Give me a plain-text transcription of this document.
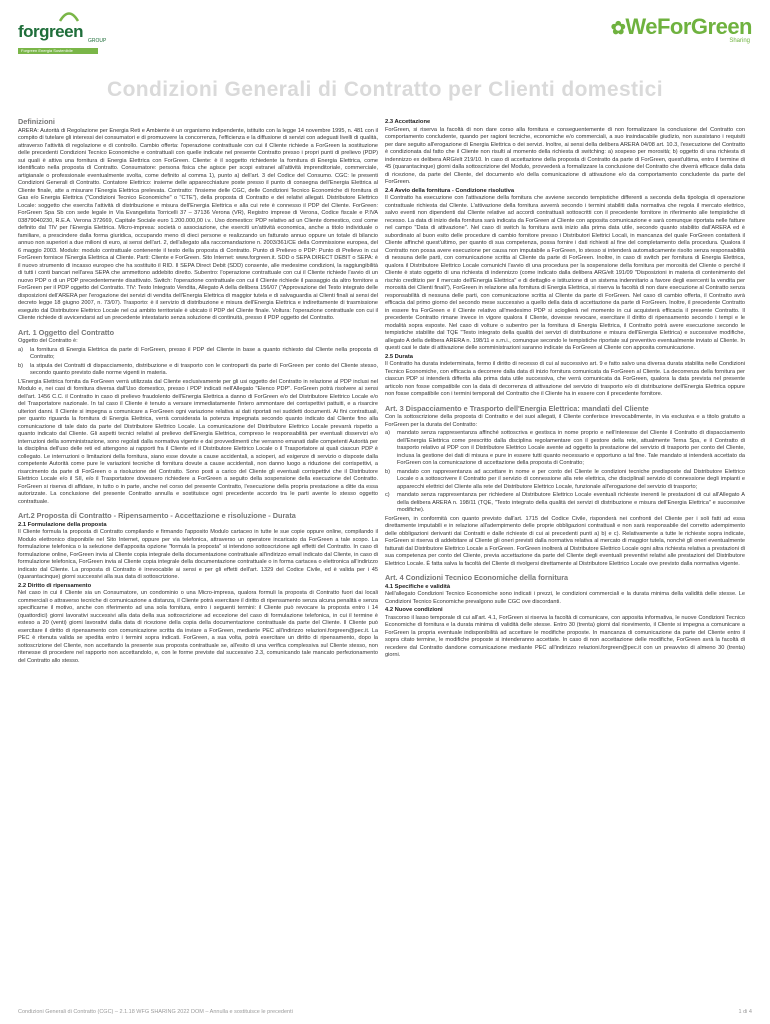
forgreen GROUP
Forgreen Energia Sostenibile
✿WeForGreen
Sharing
Condizioni Generali di Contratto per Clienti domestici
Definizioni
ARERA: Autorità di Regolazione per Energia Reti e Ambiente è un organismo indipendente, istituito con la legge 14 novembre 1995, n. 481 con il compito di tutelare gli interessi dei consumatori e di promuovere la concorrenza, l'efficienza e la diffusione di servizi con adeguati livelli di qualità, attraverso l'attività di regolazione e di controllo. Cambio offerta: l'operazione contrattuale con cui il Cliente richiede a ForGreen la sostituzione delle precedenti Condizioni Tecnico Economiche e contrattuali con quelle indicate nel presente Contratto presso i propri punti di prelievo (PDP) sui quali è attiva una fornitura di Energia Elettrica con ForGreen. Cliente: è il soggetto richiedente la fornitura di Energia Elettrica, come identificato nella proposta di Contratto. Consumatore: persona fisica che agisce per scopi estranei all'attività imprenditoriale, commerciale, artigianale o professionale eventualmente svolta, come definito al comma 1), punto a) dell'art. 3 del Codice del Consumo. CGC: le presenti Condizioni Generali di Contratto. Contatore Elettrico: insieme delle apparecchiature poste presso il punto di consegna dell'Energia Elettrica al Cliente finale, atte a misurare l'Energia Elettrica prelevata. Contratto: l'insieme delle CGC, delle Condizioni Tecnico Economiche di fornitura di Gas e/o Energia Elettrica ("Condizioni Tecnico Economiche" o "CTE"), della proposta di Contratto e dei relativi allegati. Distributore Elettrico Locale: soggetto che esercita l'attività di distribuzione e misura dell'Energia Elettrica e alla cui rete è connesso il PDP del Cliente. ForGreen: ForGreen Spa Sb con sede legale in Via Evangelista Torricelli 37 – 37136 Verona (VR), Registro imprese di Verona, Codice fiscale e P.IVA 03879040230, R.E.A. Verona 372669, Capitale Sociale euro 1.200.000,00 i.v.. Uso domestico: PDP relativo ad un Cliente domestico, così come definito dal TIV per l'Energia Elettrica. Micro-impresa: società o associazione, che eserciti un'attività economica, anche a titolo individuale o familiare, a prescindere dalla forma giuridica, occupando meno di dieci persone e realizzando un fatturato annuo oppure un totale di bilancio annuo non superiori a due milioni di euro, ai sensi dell'art. 2, dell'allegato alla raccomandazione n. 2003/361/CE della Commissione europea, del 6 maggio 2003. Modulo: modulo contrattuale contenente il testo della proposta di Contratto. Punto di Prelievo o PDP: Punto di Prelievo in cui ForGreen fornisce l'Energia Elettrica al Cliente. Parti: Cliente e ForGreen. Sito Internet: www.forgreen.it. SDD o SEPA DIRECT DEBIT o SEPA: è il nuovo strumento di incasso europeo che ha sostituito il RID. Il SEPA Direct Debit (SDD) consente, alle medesime condizioni, la raggiungibilità di tutti i conti bancari nell'area SEPA che ammettono addebito diretto. Subentro: l'operazione contrattuale con cui il Cliente richiede l'avvio di un nuovo PDP o di un PDP precedentemente disattivato. Switch: l'operazione contrattuale con cui il Cliente richiede il passaggio da altro fornitore a ForGreen per il PDP oggetto del Contratto. TIV: Testo Integrato Vendita, Allegato A della delibera 156/07 ("Approvazione del Testo integrato delle disposizioni dell'ARERA per l'erogazione dei servizi di vendita dell'Energia Elettrica di maggior tutela e di salvaguardia ai Clienti finali ai sensi del decreto legge 18 giugno 2007, n. 73/07). Trasporto: è il servizio di distribuzione e misura dell'Energia Elettrica e indirettamente di trasmissione eseguito dal Distributore Elettrico Locale nel cui ambito territoriale è ubicato il PDP del Cliente finale. Voltura: l'operazione contrattuale con cui il Cliente richiede di avvicendarsi ad un precedente intestatario senza soluzione di continuità, presso il PDP oggetto del Contratto.
Art. 1 Oggetto del Contratto
Oggetto del Contratto è:
a) la fornitura di Energia Elettrica da parte di ForGreen, presso il PDP del Cliente in base a quanto richiesto dal Cliente nella proposta di Contratto;
b) la stipula dei Contratti di dispacciamento, distribuzione e di trasporto con le controparti da parte di ForGreen per conto del Cliente stesso, secondo quanto previsto dalle norme vigenti in materia.
L'Energia Elettrica fornita da ForGreen verrà utilizzata dal Cliente esclusivamente per gli usi oggetto del Contratto in relazione al PDP inclusi nel Modulo e, nei casi di fornitura diversa dall'Uso domestico, presso i PDP indicati nell'Allegato "Elenco PDP". ForGreen potrà risolvere ai sensi dell'art. 1456 C.C. il Contratto in caso di prelievo fraudolento dell'Energia Elettrica a danno di ForGreen e/o del Distributore Elettrico Locale e/o del Trasportatore nazionale. In tal caso il Cliente è tenuto a versare immediatamente l'intero ammontare dei corrispettivi pattuiti, e a risarcire ulteriori danni. Il Cliente si impegna a comunicare a ForGreen ogni variazione relativa ai dati riportati nei suddetti documenti. Ai fini contrattuali, per quanto riguarda la fornitura di Energia Elettrica, verrà considerata la potenza impegnata secondo quanto indicato dal Cliente fino alla comunicazione di tale dato da parte del Distributore Elettrico Locale. La comunicazione del Distributore Elettrico Locale prevarrà rispetto a quanto indicato dal Cliente. Gli aspetti tecnici relativi al prelievo dell'Energia Elettrica, compreso le responsabilità per eventuali disservizi e/o interruzioni della somministrazione, sono regolati dalla normativa vigente e dai provvedimenti che verranno emanati dalle competenti Autorità per la disciplina dell'uso delle reti ed attengono ai rapporti fra il Cliente ed il Distributore Elettrico Locale o il Trasportatore ai quali ciascun PDP è collegato. Le interruzioni o limitazioni della fornitura, siano esse dovute a cause accidentali, a scioperi, ad esigenze di servizio o disposte dalla competente Autorità come pure le variazioni tecniche di fornitura dovute a cause accidentali, non danno luogo a riduzione dei corrispettivi, a risarcimento da parte di ForGreen o a risoluzione del Contratto. Sono posti a carico del Cliente gli eventuali corrispettivi che il Distributore Elettrico Locale e/o il SII, e/o il Trasportatore dovessero richiedere a ForGreen a seguito della sospensione della esecuzione del Contratto. ForGreen si riserva di affidare, in tutto o in parte, anche nel corso del presente Contratto, l'esecuzione della propria prestazione a ditte da essa autorizzate. La conclusione del presente Contratto annulla e sostituisce ogni precedente accordo tra le parti avente lo stesso oggetto contrattuale.
Art.2 Proposta di Contratto - Ripensamento - Accettazione e risoluzione - Durata
2.1 Formulazione della proposta
Il Cliente formula la proposta di Contratto compilando e firmando l'apposito Modulo cartaceo in tutte le sue copie oppure online, compilando il Modulo elettronico disponibile nel Sito Internet, oppure per via telefonica, attraverso un operatore incaricato da ForGreen a tale scopo. La formulazione telefonica o la selezione dell'apposita opzione "formula la proposta" si intendono sottoscrizione agli effetti del Contratto. In caso di formulazione online, ForGreen invia al Cliente copia integrale della documentazione contrattuale all'indirizzo email indicato dal Cliente, in caso di formulazione telefonica, ForGreen invia al Cliente copia integrale della documentazione contrattuale o in forma cartacea o elettronica all'indirizzo indicato dal Cliente. La proposta di Contratto è irrevocabile ai sensi e per gli effetti dell'art. 1329 del Codice Civile, ed è valida per i 45 (quarantacinque) giorni successivi alla sua data di sottoscrizione.
2.2 Diritto di ripensamento
Nel caso in cui il Cliente sia un Consumatore, un condominio o una Micro-impresa, qualora formuli la proposta di Contratto fuori dai locali commerciali o attraverso tecniche di comunicazione a distanza, il Cliente potrà esercitare il diritto di ripensamento senza alcuna penalità e senza specificarne il motivo, anche con riferimento ad una sola fornitura, entro i seguenti termini: il Cliente può revocare la proposta entro i 14 (quattordici) giorni lavorativi successivi alla data della sua sottoscrizione ad eccezione del caso di formulazione telefonica, in cui il termine è esteso a 20 (venti) giorni lavorativi dalla data di ricezione della copia della documentazione contrattuale da parte del Cliente. Il Cliente può esercitare il diritto di ripensamento con comunicazione scritta da inviare a ForGreen, mediante PEC all'indirizzo relazioni.forgreen@pec.it. La PEC è ritenuta valida se spedita entro i termini sopra indicati. ForGreen, a sua volta, potrà esercitare un diritto di ripensamento, dopo la sottoscrizione del Cliente, non accettando la presente sua proposta contrattuale se, all'esito di una verifica complessiva sul Cliente stesso, non ritenesse di procedere nel rapporto non accettandolo, e, con le forme previste dal successivo 2.3, comunicando tale mancato perfezionamento del Contratto allo stesso.
2.3 Accettazione
ForGreen, si riserva la facoltà di non dare corso alla fornitura e conseguentemente di non formalizzare la conclusione del Contratto con comportamento concludente, quando per ragioni tecniche, economiche e/o commerciali, a suo insindacabile giudizio, non sussistano i requisiti per dare seguito all'erogazione di Energia Elettrica o dei servizi. Inoltre, ai sensi della delibera ARERA 04/08 art. 10.3, l'esecuzione del Contratto è condizionata dal fatto che il Cliente non risulti al momento della richiesta di switching: a) sospeso per morosità; b) oggetto di una richiesta di indennizzo ex delibera ARG/elt 219/10. In caso di accettazione della proposta di Contratto da parte di ForGreen, quest'ultima, entro il termine di 45 (quarantacinque) giorni dalla sottoscrizione del Modulo, provvederà a formalizzare la conclusione del Contratto che diverrà efficace dalla data di ricezione, da parte del Cliente, del documento e/o della comunicazione di attivazione e/o da comportamento concludente da parte del ForGreen.
2.4 Avvio della fornitura - Condizione risolutiva
Il Contratto ha esecuzione con l'attivazione della fornitura che avviene secondo tempistiche differenti a seconda della tipologia di operazione contrattuale richiesta dal Cliente. L'attivazione della fornitura avverrà secondo i termini stabiliti dalla normativa che regola il mercato elettrico, salvo eventi non dipendenti dal Cliente relative ad accordi contrattuali sottoscritti con il precedente fornitore in riferimento alle tempistiche di recesso. La data di inizio della fornitura sarà indicata da ForGreen al Cliente con apposita comunicazione e sarà comunque riportata nelle fatture nel campo "Data di attivazione". Nel caso di switch la fornitura avrà inizio alla prima data utile, secondo quanto stabilito dall'ARERA ed è subordinato al buon esito delle procedure di cambio fornitore presso i Distributori Elettrici Locali, in mancanza del quale ForGreen contatterà il Cliente affinché quest'ultimo, per quanto di sua competenza, possa fornire i dati richiesti al fine del completamento della procedura. Qualora il Contratto non possa avere esecuzione per causa non imputabile a ForGreen, lo stesso si intenderà automaticamente risolto senza responsabilità di nessuna delle parti, con comunicazione scritta al Cliente da parte di ForGreen. Inoltre, in caso di switch per fornitura di Energia Elettrica, qualora il Distributore Elettrico Locale comunichi l'avvio di una procedura per la sospensione della fornitura per morosità del Cliente o perché il Cliente è stato oggetto di una richiesta di indennizzo (come indicato dalla delibera ARG/elt 191/09 "Disposizioni in materia di contenimento del rischio creditizio per il mercato dell'Energia Elettrica" e di dettaglio e istituzione di un sistema indennitario a favore degli esercenti la vendita per morosità dei Clienti finali"), ForGreen in relazione alla fornitura di Energia Elettrica, si riserva la facoltà di non dare esecuzione al Contratto senza responsabilità di nessuna delle parti, con comunicazione scritta al Cliente da parte di ForGreen. Nel caso di cambio offerta, il Contratto avrà efficacia dal primo giorno del secondo mese successivo a quello della data di accettazione da parte di ForGreen. Inoltre, il precedente Contratto in essere fra ForGreen e il Cliente relativo all'medesimo PDP si scioglierà nel momento in cui acquisterà efficacia il presente Contratto. Il precedente Contratto rimane invece in vigore qualora il Cliente, dovesse revocare, esercitare il diritto di ripensamento secondo i tempi e le modalità sopra esposte. Nel caso di volture o subentro per la fornitura di Energia Elettrica, il Contratto potrà avere esecuzione secondo le tempistiche stabilite dal TQE "Testo integrato della qualità dei servizi di distribuzione e misura dell'Energia Elettrica) e successive modifiche, allegato A della delibera ARERA n. 198/11 e s.m.i., comunque secondo le tempistiche riportate sul preventivo eventualmente inviato al Cliente. In questi casi le date di attivazione delle somministrazioni saranno indicate da ForGreen al Cliente con apposita comunicazione.
2.5 Durata
Il Contratto ha durata indeterminata, fermo il diritto di recesso di cui al successivo art. 9 e fatto salvo una diversa durata stabilita nelle Condizioni Tecnico Economiche, con efficacia a decorrere dalla data di inizio fornitura comunicata da ForGreen al Cliente. La decorrenza della fornitura per ciascun PDP si intenderà differita alla prima data utile successiva, che verrà comunicata da ForGreen, qualora la data prevista nel presente articolo non fosse compatibile con la data di decorrenza di attivazione del servizio di trasporto e/o di distribuzione dell'Energia Elettrica oppure non fosse compatibile con i termini temporali del Contratto che il Cliente ha in essere con il precedente fornitore.
Art. 3 Dispacciamento e Trasporto dell'Energia Elettrica: mandati del Cliente
Con la sottoscrizione della proposta di Contratto e dei suoi allegati, il Cliente conferisce irrevocabilmente, in via esclusiva e a titolo gratuito a ForGreen per la durata del Contratto:
a) mandato senza rappresentanza affinché sottoscriva e gestisca in nome proprio e nell'interesse del Cliente il Contratto di dispacciamento dell'Energia Elettrica come prescritto dalla disciplina regolamentare con il gestore della rete, attualmente Terna Spa, e il Contratto di trasporto relativo al PDP con il Distributore Elettrico Locale avente ad oggetto la prestazione del servizio di trasporto per conto del Cliente, inclusa la gestione dei dati di misura e pure in essere tutti quanto necessario e opportuno a tal fine. Tale mandato si intenderà accettato da ForGreen con la comunicazione di accettazione della proposta di Contratto;
b) mandato con rappresentanza ad accettare in nome e per conto del Cliente le condizioni tecniche predisposte dal Distributore Elettrico Locale o a sottoscrivere il Contratto per il servizio di connessione alla rete elettrica, che disciplinail servizio di connessione degli impianti e apparecchi elettrici del Cliente alla rete del Distributore Elettrico Locale, funzionale all'erogazione del servizio di trasporto;
c) mandato senza rappresentanza per richiedere al Distributore Elettrico Locale eventuali richieste inerenti le prestazioni di cui all'Allegato A della delibera ARERA n. 198/11 (TQE, "Testo integrato della qualità dei servizi di distribuzione e misura dell'Energia Elettrica" e successive modifiche).
ForGreen, in conformità con quanto previsto dall'art. 1715 del Codice Civile, risponderà nei confronti del Cliente per i soli fatti ad essa direttamente imputabili e in relazione all'adempimento delle proprie obbligazioni contrattuali e non sarà responsabile del corretto adempimento delle obbligazioni derivanti dai Contratti e dalle richieste di cui ai precedenti punti a) b) e c). Relativamente a tutte le richieste sopra indicate, ForGreen si riserva di addebitare al Cliente gli oneri previsti dalla normativa relativa al mercato di maggior tutela, nonché gli oneri eventualmente fatturati dal Distributore Elettrico Locale a ForGreen. ForGreen inoltrerà al Distributore Elettrico Locale ogni altra richiesta relativa a prestazioni di sua competenza per conto del Cliente, previa accettazione da parte del Cliente degli eventuali preventivi relativi alle prestazioni del Distributore Elettrico Locale. È fatta salva la facoltà del Cliente di rivolgersi direttamente al Distributore Elettrico Locale ove previsto dalla normativa vigente.
Art. 4 Condizioni Tecnico Economiche della fornitura
4.1 Specifiche e validità
Nell'allegato Condizioni Tecnico Economiche sono indicati i prezzi, le condizioni commerciali e la durata minima della validità delle stesse. Le Condizioni Tecnico Economiche prevalgono sulle CGC ove discordanti.
4.2 Nuove condizioni
Trascorso il lasso temporale di cui all'art. 4.1, ForGreen si riserva la facoltà di comunicare, con apposita informativa, le nuove Condizioni Tecnico Economiche di fornitura e la durata minima di validità delle stesse. Entro 30 (trenta) giorni dal ricevimento, il Cliente si impegna a comunicare a ForGreen la propria eventuale indisponibilità ad accettare le modifiche proposte. In mancanza di comunicazione da parte del Cliente entro il sopra citato termine, le modifiche proposte si intenderanno accettate. In caso di non accettazione delle modifiche, ForGreen avrà la facoltà di recedere dal Contratto dandone comunicazione mediante PEC all'indirizzo relazioni.forgreen@pec.it con un preavviso di almeno 30 (trenta) giorni.
Condizioni Generali di Contratto (CGC) – 2.1.18 WFG SHARING 2022 DOM – Annulla e sostituisce le precedenti	1 di 4
